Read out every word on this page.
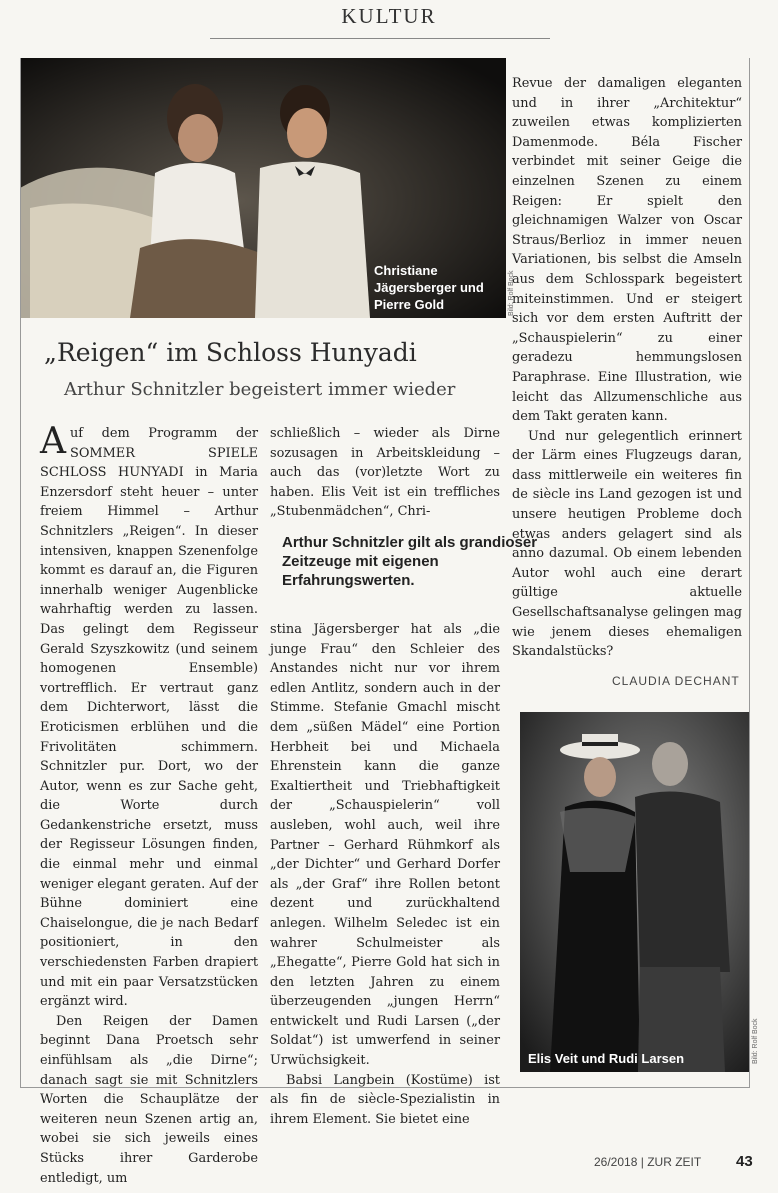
KULTUR
Christiane
Jägersberger und
Pierre Gold	Bild: Rolf Bock
„Reigen“ im Schloss Hunyadi
Arthur Schnitzler begeistert immer wieder

Auf dem Programm der SOMMER SPIELE SCHLOSS HUNYADI in Maria Enzersdorf steht heuer – unter freiem Himmel – Arthur Schnitzlers „Reigen“. In dieser intensiven, knappen Szenenfolge kommt es darauf an, die Figuren innerhalb weniger Augenblicke wahrhaftig werden zu lassen. Das gelingt dem Regisseur Gerald Szyszkowitz (und seinem homogenen Ensemble) vortrefflich. Er vertraut ganz dem Dichterwort, lässt die Eroticismen erblühen und die Frivolitäten schimmern. Schnitzler pur. Dort, wo der Autor, wenn es zur Sache geht, die Worte durch Gedankenstriche ersetzt, muss der Regisseur Lösungen finden, die einmal mehr und einmal weniger elegant geraten. Auf der Bühne dominiert eine Chaiselongue, die je nach Bedarf positioniert, in den verschiedensten Farben drapiert und mit ein paar Versatzstücken ergänzt wird.

Den Reigen der Damen beginnt Dana Proetsch sehr einfühlsam als „die Dirne“; danach sagt sie mit Schnitzlers Worten die Schauplätze der weiteren neun Szenen artig an, wobei sie sich jeweils eines Stücks ihrer Garderobe entledigt, um

schließlich – wieder als Dirne sozusagen in Arbeitskleidung – auch das (vor)letzte Wort zu haben. Elis Veit ist ein treffliches „Stubenmädchen“, Chri-

Arthur Schnitzler gilt als grandioser Zeitzeuge mit eigenen Erfahrungswerten.

stina Jägersberger hat als „die junge Frau“ den Schleier des Anstandes nicht nur vor ihrem edlen Antlitz, sondern auch in der Stimme. Stefanie Gmachl mischt dem „süßen Mädel“ eine Portion Herbheit bei und Michaela Ehrenstein kann die ganze Exaltiertheit und Triebhaftigkeit der „Schauspielerin“ voll ausleben, wohl auch, weil ihre Partner – Gerhard Rühmkorf als „der Dichter“ und Gerhard Dorfer als „der Graf“ ihre Rollen betont dezent und zurückhaltend anlegen. Wilhelm Seledec ist ein wahrer Schulmeister als „Ehegatte“, Pierre Gold hat sich in den letzten Jahren zu einem überzeugenden „jungen Herrn“ entwickelt und Rudi Larsen („der Soldat“) ist umwerfend in seiner Urwüchsigkeit.

Babsi Langbein (Kostüme) ist als fin de siècle-Spezialistin in ihrem Element. Sie bietet eine

Revue der damaligen eleganten und in ihrer „Architektur“ zuweilen etwas komplizierten Damenmode. Béla Fischer verbindet mit seiner Geige die einzelnen Szenen zu einem Reigen: Er spielt den gleichnamigen Walzer von Oscar Straus/Berlioz in immer neuen Variationen, bis selbst die Amseln aus dem Schlosspark begeistert miteinstimmen. Und er steigert sich vor dem ersten Auftritt der „Schauspielerin“ zu einer geradezu hemmungslosen Paraphrase. Eine Illustration, wie leicht das Allzumenschliche aus dem Takt geraten kann.

Und nur gelegentlich erinnert der Lärm eines Flugzeugs daran, dass mittlerweile ein weiteres fin de siècle ins Land gezogen ist und unsere heutigen Probleme doch etwas anders gelagert sind als anno dazumal. Ob einem lebenden Autor wohl auch eine derart gültige aktuelle Gesellschaftsanalyse gelingen mag wie jenem dieses ehemaligen Skandalstücks?

CLAUDIA DECHANT
Elis Veit und Rudi Larsen	Bild: Rolf Bock
26/2018 | ZUR ZEIT 43
